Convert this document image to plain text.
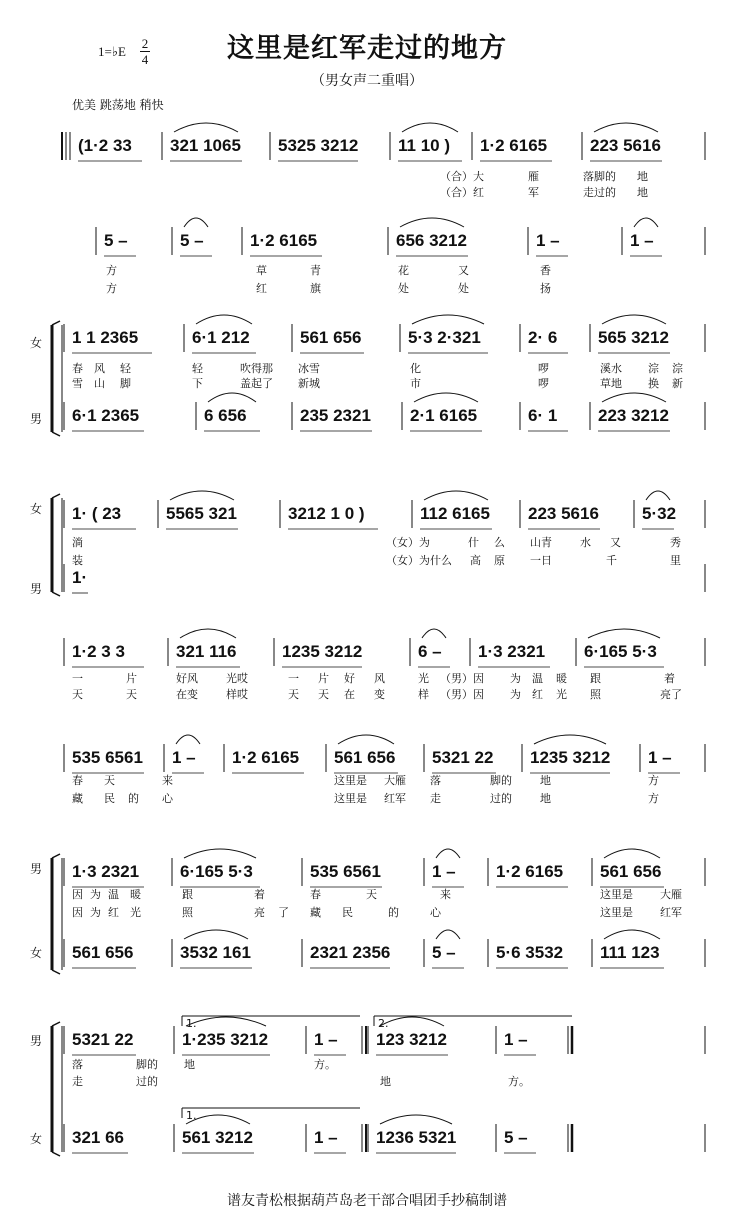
这里是红军走过的地方
（男女声二重唱）
1=♭E
2
4
优美 跳荡地 稍快
(1·2 33 321 1065 5325 3212 11 10 ) 1·2 6165	223 5616
（合）大	雁	落脚的 地
（合）红	军	走过的 地
5 –	5 –	1·2 6165	656 3212	1 –	1 –
方	草	青	花	又	香
方	红	旗	处	处	扬
1 1 2365	6·1 212	561 656	5·3 2·321	2· 6 565 3212
6·1 2365	6 656	235 2321 2·1 6165	6· 1 223 3212
春 风 轻	轻	吹得那 冰雪	化	啰	溪水 淙 淙
雪 山 脚	下	盖起了 新城	市	啰	草地 换 新
1· ( 23	5565 321	3212 1 0 )	112 6165 223 5616	5·32
1·
淌	（女）为	什 么 山青	水 又	秀
装	（女）为什么 高 原 一日	千	里
1·2 3 3	321 116	1235 3212	6 – 1·3 2321 6·165 5·3
一	片	好风	光哎	一 片 好 风	光 （男）因 为 温 暖 跟	着
天	天	在变	样哎	天 天 在 变	样 （男）因 为 红 光 照	亮了
535 6561 1 – 1·2 6165 561 656 5321 22 1235 3212 1 –
春 天	来	这里是 大雁 落	脚的	地	方
藏 民 的 心	这里是 红军 走	过的	地	方
1·3 2321 6·165 5·3	535 6561	1 – 1·2 6165 561 656
561 656	3532 161	2321 2356 5 – 5·6 3532 111 123
因 为 温 暖	跟	着	春	天	来	这里是 大雁
因 为 红 光	照	亮 了 藏 民	的	心	这里是 红军
5321 22	1·235 3212	1 – 123 3212	1 –
321 66	561 3212	1 – 1236 5321	5 –
落	脚的 地	方。
走	过的	地	方。
女
男
女
男
男
女
男
女
1.	2.
1.
谱友青松根据葫芦岛老干部合唱团手抄稿制谱
